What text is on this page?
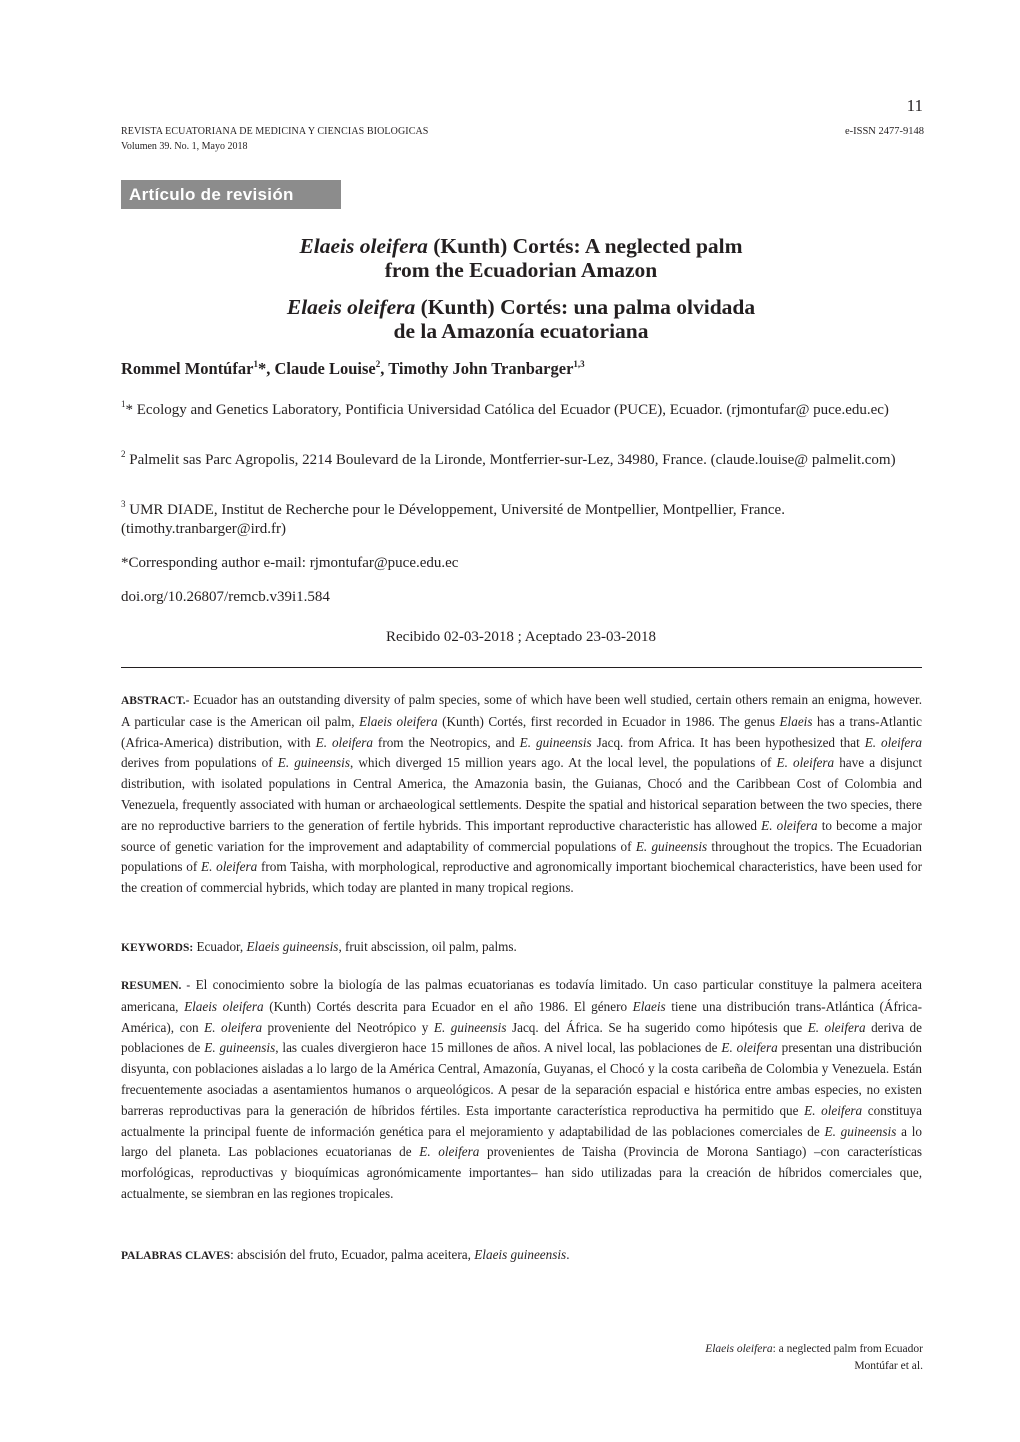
11
REVISTA ECUATORIANA DE MEDICINA Y CIENCIAS BIOLOGICAS	e-ISSN 2477-9148
Volumen 39. No. 1, Mayo 2018
Artículo de revisión
Elaeis oleifera (Kunth) Cortés: A neglected palm
from the Ecuadorian Amazon
Elaeis oleifera (Kunth) Cortés: una palma olvidada
de la Amazonía ecuatoriana
Rommel Montúfar$^1$*, Claude Louise$^2$, Timothy John Tranbarger$^{1,3}$
$^1$* Ecology and Genetics Laboratory, Pontificia Universidad Católica del Ecuador (PUCE), Ecuador. (rjmontufar@ puce.edu.ec)
$^2$ Palmelit sas Parc Agropolis, 2214 Boulevard de la Lironde, Montferrier-sur-Lez, 34980, France. (claude.louise@ palmelit.com)
$^3$ UMR DIADE, Institut de Recherche pour le Développement, Université de Montpellier, Montpellier, France. (timothy.tranbarger@ird.fr)
*Corresponding author e-mail: rjmontufar@puce.edu.ec
doi.org/10.26807/remcb.v39i1.584
Recibido 02-03-2018 ; Aceptado 23-03-2018
ABSTRACT.- Ecuador has an outstanding diversity of palm species, some of which have been well studied, certain others remain an enigma, however. A particular case is the American oil palm, Elaeis oleifera (Kunth) Cortés, first recorded in Ecuador in 1986. The genus Elaeis has a trans-Atlantic (Africa-America) distribution, with E. oleifera from the Neotropics, and E. guineensis Jacq. from Africa. It has been hypothesized that E. oleifera derives from populations of E. guineensis, which diverged 15 million years ago. At the local level, the populations of E. oleifera have a disjunct distribution, with isolated populations in Central America, the Amazonia basin, the Guianas, Chocó and the Caribbean Cost of Colombia and Venezuela, frequently associated with human or archaeological settlements. Despite the spatial and historical separation between the two species, there are no reproductive barriers to the generation of fertile hybrids. This important reproductive characteristic has allowed E. oleifera to become a major source of genetic variation for the improvement and adaptability of commercial populations of E. guineensis throughout the tropics. The Ecuadorian populations of E. oleifera from Taisha, with morphological, reproductive and agronomically important biochemical characteristics, have been used for the creation of commercial hybrids, which today are planted in many tropical regions.
KEYWORDS: Ecuador, Elaeis guineensis, fruit abscission, oil palm, palms.
RESUMEN. - El conocimiento sobre la biología de las palmas ecuatorianas es todavía limitado. Un caso particular constituye la palmera aceitera americana, Elaeis oleifera (Kunth) Cortés descrita para Ecuador en el año 1986. El género Elaeis tiene una distribución trans-Atlántica (África-América), con E. oleifera proveniente del Neotrópico y E. guineensis Jacq. del África. Se ha sugerido como hipótesis que E. oleifera deriva de poblaciones de E. guineensis, las cuales divergieron hace 15 millones de años. A nivel local, las poblaciones de E. oleifera presentan una distribución disyunta, con poblaciones aisladas a lo largo de la América Central, Amazonía, Guyanas, el Chocó y la costa caribeña de Colombia y Venezuela. Están frecuentemente asociadas a asentamientos humanos o arqueológicos. A pesar de la separación espacial e histórica entre ambas especies, no existen barreras reproductivas para la generación de híbridos fértiles. Esta importante característica reproductiva ha permitido que E. oleifera constituya actualmente la principal fuente de información genética para el mejoramiento y adaptabilidad de las poblaciones comerciales de E. guineensis a lo largo del planeta. Las poblaciones ecuatorianas de E. oleifera provenientes de Taisha (Provincia de Morona Santiago) –con características morfológicas, reproductivas y bioquímicas agronómicamente importantes– han sido utilizadas para la creación de híbridos comerciales que, actualmente, se siembran en las regiones tropicales.
PALABRAS CLAVES: abscisión del fruto, Ecuador, palma aceitera, Elaeis guineensis.
Elaeis oleifera: a neglected palm from Ecuador
Montúfar et al.
